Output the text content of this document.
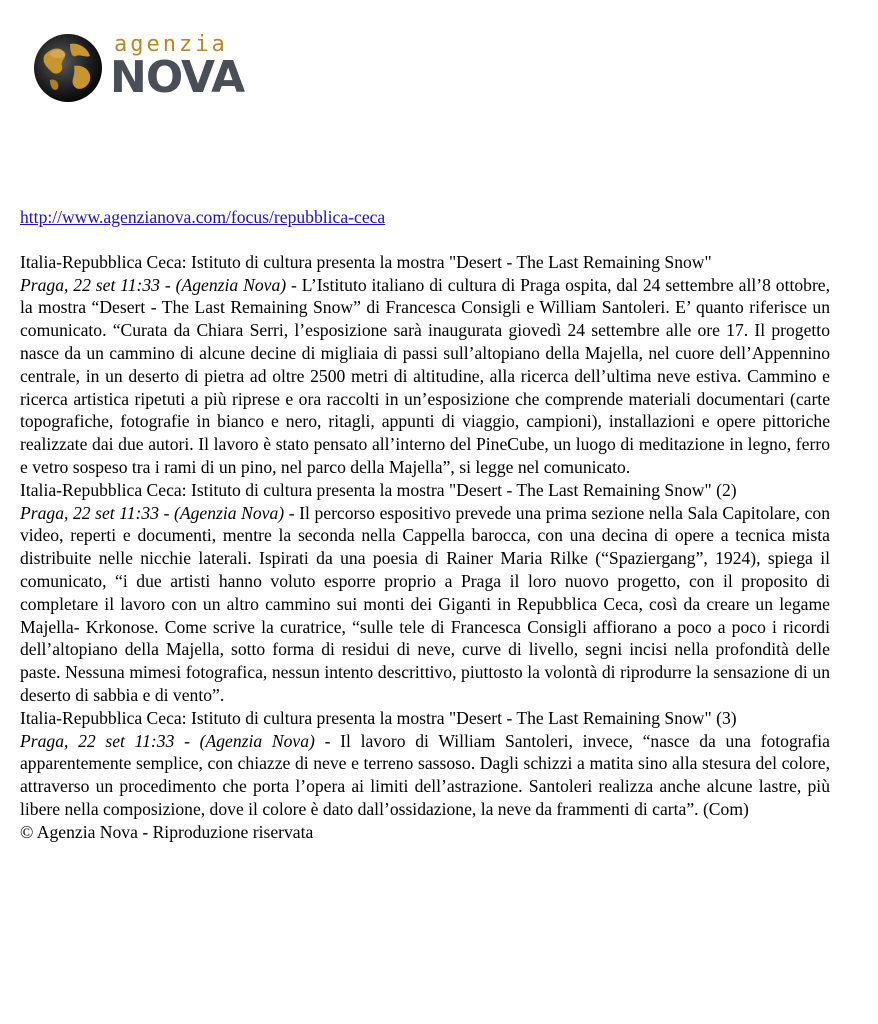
agenzia
NOVA
http://www.agenzianova.com/focus/repubblica-ceca
Italia-Repubblica Ceca: Istituto di cultura presenta la mostra "Desert - The Last Remaining Snow"

Praga, 22 set 11:33 - (Agenzia Nova) - L’Istituto italiano di cultura di Praga ospita, dal 24 settembre all’8 ottobre, la mostra “Desert - The Last Remaining Snow” di Francesca Consigli e William Santoleri. E’ quanto riferisce un comunicato. “Curata da Chiara Serri, l’esposizione sarà inaugurata giovedì 24 settembre alle ore 17. Il progetto nasce da un cammino di alcune decine di migliaia di passi sull’altopiano della Majella, nel cuore dell’Appennino centrale, in un deserto di pietra ad oltre 2500 metri di altitudine, alla ricerca dell’ultima neve estiva. Cammino e ricerca artistica ripetuti a più riprese e ora raccolti in un’esposizione che comprende materiali documentari (carte topografiche, fotografie in bianco e nero, ritagli, appunti di viaggio, campioni), installazioni e opere pittoriche realizzate dai due autori. Il lavoro è stato pensato all’interno del PineCube, un luogo di meditazione in legno, ferro e vetro sospeso tra i rami di un pino, nel parco della Majella”, si legge nel comunicato.

Italia-Repubblica Ceca: Istituto di cultura presenta la mostra "Desert - The Last Remaining Snow" (2)

Praga, 22 set 11:33 - (Agenzia Nova) - Il percorso espositivo prevede una prima sezione nella Sala Capitolare, con video, reperti e documenti, mentre la seconda nella Cappella barocca, con una decina di opere a tecnica mista distribuite nelle nicchie laterali. Ispirati da una poesia di Rainer Maria Rilke (“Spaziergang”, 1924), spiega il comunicato, “i due artisti hanno voluto esporre proprio a Praga il loro nuovo progetto, con il proposito di completare il lavoro con un altro cammino sui monti dei Giganti in Repubblica Ceca, così da creare un legame Majella- Krkonose. Come scrive la curatrice, “sulle tele di Francesca Consigli affiorano a poco a poco i ricordi dell’altopiano della Majella, sotto forma di residui di neve, curve di livello, segni incisi nella profondità delle paste. Nessuna mimesi fotografica, nessun intento descrittivo, piuttosto la volontà di riprodurre la sensazione di un deserto di sabbia e di vento”.

Italia-Repubblica Ceca: Istituto di cultura presenta la mostra "Desert - The Last Remaining Snow" (3)

Praga, 22 set 11:33 - (Agenzia Nova) - Il lavoro di William Santoleri, invece, “nasce da una fotografia apparentemente semplice, con chiazze di neve e terreno sassoso. Dagli schizzi a matita sino alla stesura del colore, attraverso un procedimento che porta l’opera ai limiti dell’astrazione. Santoleri realizza anche alcune lastre, più libere nella composizione, dove il colore è dato dall’ossidazione, la neve da frammenti di carta”. (Com)

© Agenzia Nova - Riproduzione riservata
